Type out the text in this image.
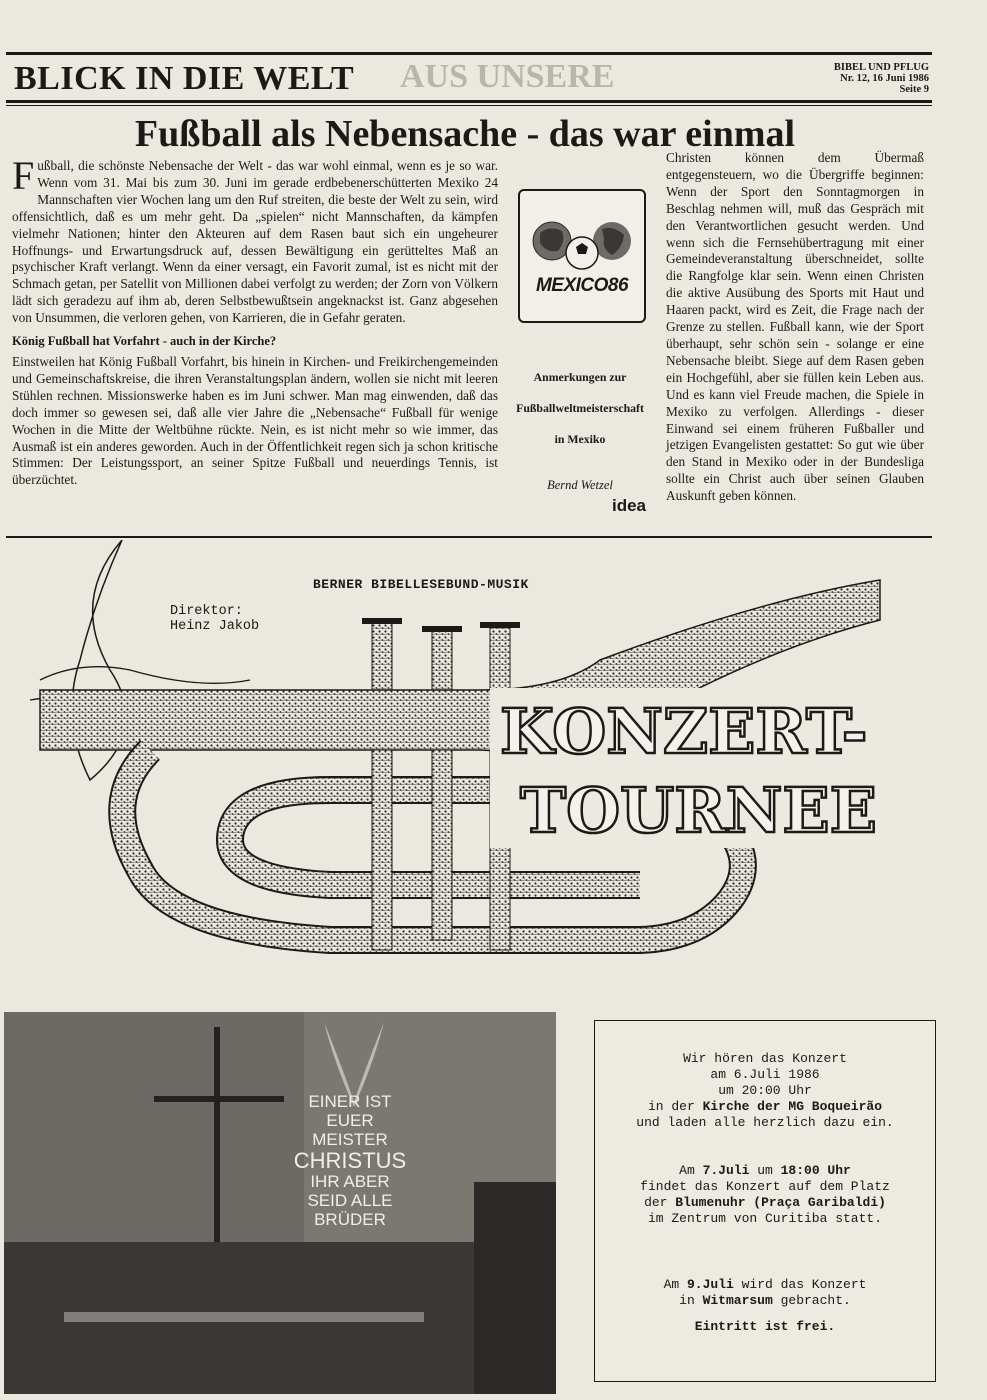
AUS UNSERE
BLICK IN DIE WELT	BIBEL UND PFLUG
Nr. 12, 16 Juni 1986
Seite 9
Fußball als Nebensache - das war einmal

Fußball, die schönste Nebensache der Welt - das war wohl einmal, wenn es je so war. Wenn vom 31. Mai bis zum 30. Juni im gerade erdbebenerschütterten Mexiko 24 Mannschaften vier Wochen lang um den Ruf streiten, die beste der Welt zu sein, wird offensichtlich, daß es um mehr geht. Da „spielen“ nicht Mannschaften, da kämpfen vielmehr Nationen; hinter den Akteuren auf dem Rasen baut sich ein ungeheurer Hoffnungs- und Erwartungsdruck auf, dessen Bewältigung ein gerütteltes Maß an psychischer Kraft verlangt. Wenn da einer versagt, ein Favorit zumal, ist es nicht mit der Schmach getan, per Satellit von Millionen dabei verfolgt zu werden; der Zorn von Völkern lädt sich geradezu auf ihm ab, deren Selbstbewußtsein angeknackst ist. Ganz abgesehen von Unsummen, die verloren gehen, von Karrieren, die in Gefahr geraten.

König Fußball hat Vorfahrt - auch in der Kirche?

Einstweilen hat König Fußball Vorfahrt, bis hinein in Kirchen- und Freikirchengemeinden und Gemeinschaftskreise, die ihren Veranstaltungsplan ändern, wollen sie nicht mit leeren Stühlen rechnen. Missionswerke haben es im Juni schwer. Man mag einwenden, daß das doch immer so gewesen sei, daß alle vier Jahre die „Nebensache“ Fußball für wenige Wochen in die Mitte der Weltbühne rückte. Nein, es ist nicht mehr so wie immer, das Ausmaß ist ein anderes geworden. Auch in der Öffentlichkeit regen sich ja schon kritische Stimmen: Der Leistungssport, an seiner Spitze Fußball und neuerdings Tennis, ist überzüchtet.

MEXICO86
Anmerkungen zur
Fußballweltmeisterschaft
in Mexiko
Bernd Wetzel
idea

Christen können dem Übermaß entgegensteuern, wo die Übergriffe beginnen: Wenn der Sport den Sonntagmorgen in Beschlag nehmen will, muß das Gespräch mit den Verantwortlichen gesucht werden. Und wenn sich die Fernsehübertragung mit einer Gemeindeveranstaltung überschneidet, sollte die Rangfolge klar sein. Wenn einen Christen die aktive Ausübung des Sports mit Haut und Haaren packt, wird es Zeit, die Frage nach der Grenze zu stellen. Fußball kann, wie der Sport überhaupt, sehr schön sein - solange er eine Nebensache bleibt. Siege auf dem Rasen geben ein Hochgefühl, aber sie füllen kein Leben aus. Und es kann viel Freude machen, die Spiele in Mexiko zu verfolgen. Allerdings - dieser Einwand sei einem früheren Fußballer und jetzigen Evangelisten gestattet: So gut wie über den Stand in Mexiko oder in der Bundesliga sollte ein Christ auch über seinen Glauben Auskunft geben können.

KONZERT-
TOURNEE
BERNER BIBELLESEBUND-MUSIK
Direktor:
Heinz Jakob
EINER IST
EUER MEISTER
CHRISTUS
IHR ABER
SEID ALLE
BRÜDER

Wir hören das Konzert

am 6.Juli 1986

um 20:00 Uhr

in der Kirche der MG Boqueirão

und laden alle herzlich dazu ein.

Am 7.Juli um 18:00 Uhr

findet das Konzert auf dem Platz

der Blumenuhr (Praça Garibaldi)

im Zentrum von Curitiba statt.

Am 9.Juli wird das Konzert

in Witmarsum gebracht.

Eintritt ist frei.
